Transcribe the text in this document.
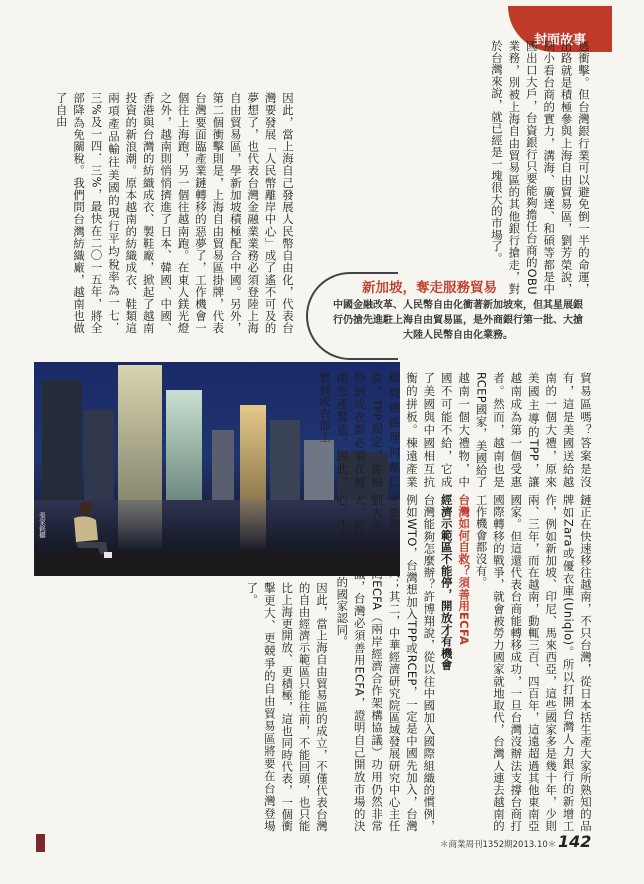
封面故事

逃衝擊。但台灣銀行業可以避免倒一半的命運，出路就是積極參與上海自由貿易區，劉芳榮說，別小看台商的實力，溝海、廣達、和碩等都是中國出口大戶，台資銀行只要能夠擔任台商的OBU業務，別被上海自由貿易區的其他銀行搶走，對於台灣來說，就已經是一塊很大的市場了。

因此，當上海自己發展人民幣自由化，代表台灣要發展「人民幣離岸中心」成了遙不可及的夢想了，也代表台灣金融業業務必須登陸上海自由貿易區，學新加坡積極配合中國。另外，第二個衝擊則是，上海自由貿易區掛牌，代表台灣要面臨產業鏈轉移的惡夢了，工作機會一個往上海跑，另一個往越南跑。在東人鎂光燈之外，越南則悄悄擠進了日本、韓國、中國、香港與台灣的紡織成衣、製鞋廠，掀起了越南投資的新浪潮。原本越南的紡織成衣、鞋類這兩項產品輸往美國的現行平均稅率為一七．三%及一四．三%，最快在二〇一五年，將全部降為免關稅。我們問台灣紡織廠，越南也做了自由

新加坡，奪走服務貿易
中國金融改革、人民幣自由化衝著新加坡來，但其星展銀行仍搶先進駐上海自由貿易區，是外商銀行第一批、大搶大陸人民幣自由化業務。
張家銘攝

貿易區嗎？答案是沒有，這是美國送給越南的一個大禮，原來美國主導的TPP，讓越南成為第一個受惠者。然而，越南也是RCEP國家，美國給了越南一個大禮物，中國不可能不給，它成了美國與中國相互抗衡的拼板。棟遠產業顧問總經理何離仁說，TPP規定，從棉紗到成衣都必須在越南生產製造，因此，整個成衣加工

鏈正在快速移往越南，不只台灣，從日本括生產大家所熟知的品牌如Zara或優衣庫(Uniqlo)。所以打開台灣人力銀行的新增工作，例如新加坡、印尼、馬來西亞，這些國家多是幾十年，少則兩、三年，而在越南，動輒三百、四百年，這遠超過其他東南亞國家。但這還代表台商能轉移成功，一旦台灣沒辦法支撐台商打國際轉移的戰爭，就會被勞力國家就地取代，台灣人連去越南的工作機會都沒有。

台灣如何自救？須善用ECFA

經濟示範區不能停，開放才有機會

台灣能夠怎麼辦？許博翔說，從以往中國加入國際組織的慣例，例如WTO，台灣想加入TPP或RCEP，一定是中國先加入，台灣才能夠跟著加入；其二，中華經濟研究院區域發展研究中心主任劉大年說，台灣ECFA（兩岸經濟合作架構協議）功用仍然非常大，許博翔建議，台灣必須善用ECFA，證明自己開放市場的決心，才能取得別的國家認同。

因此，當上海自由貿易區的成立，不僅代表台灣的自由經濟示範區只能往前，不能回頭，也只能比上海更開放、更積極，這也同時代表，一個衝擊更大、更競爭的自由貿易區將要在台灣登場了。

＊商業周刊1352期2013.10＊ 142
